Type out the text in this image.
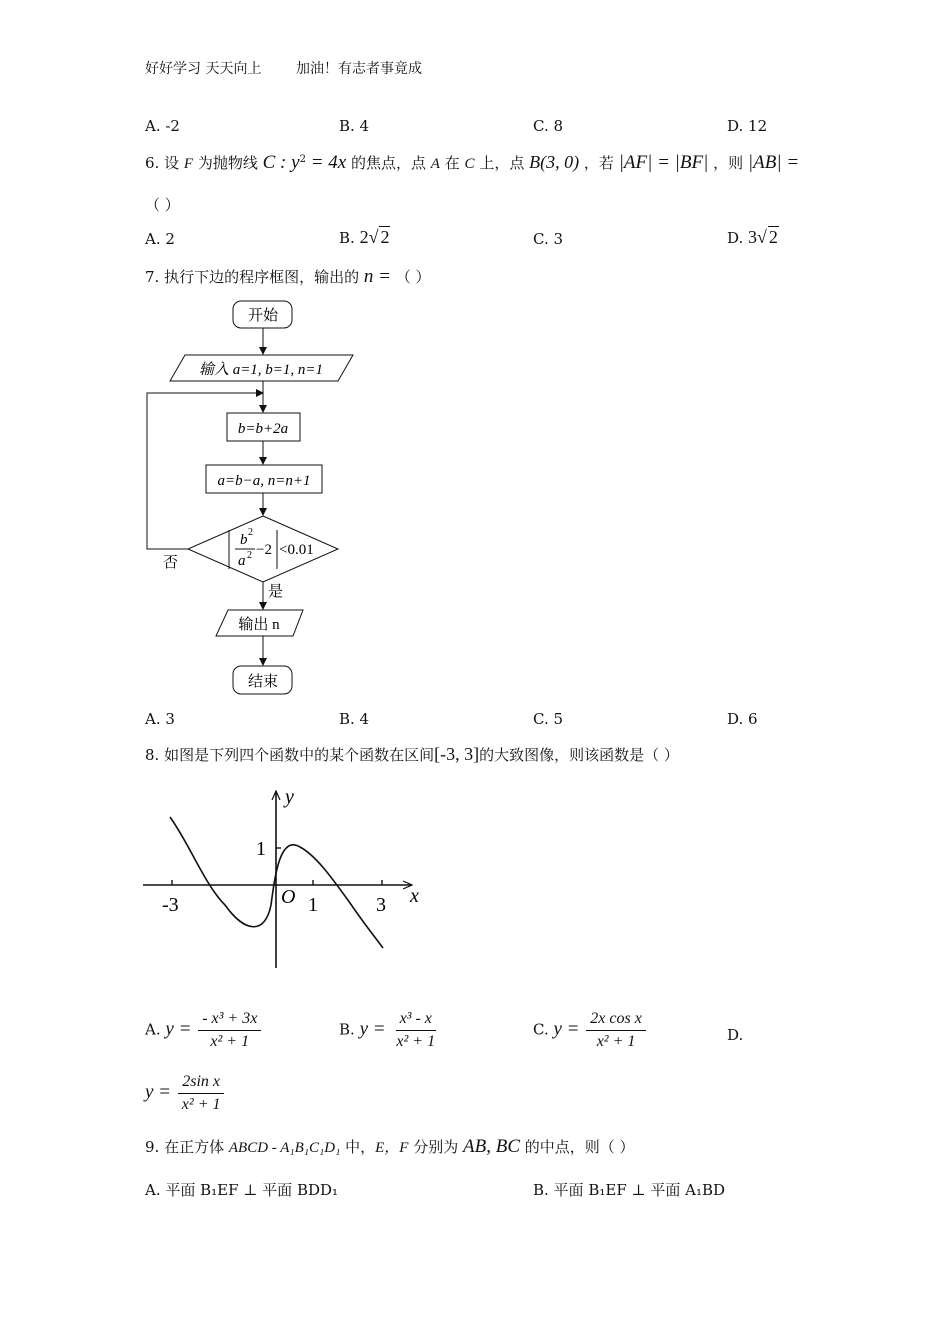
好好学习 天天向上 加油！有志者事竟成
A. -2	B. 4	C. 8	D. 12
6. 设 F 为抛物线 C : $y^2 = 4x$ 的焦点，点 A 在 C 上，点 B(3, 0) ，若 |AF| = |BF| ，则 |AB| =
（ ）
A. 2	B. 2√ 2	C. 3	D. 3√ 2
7. 执行下边的程序框图，输出的 n = （ ）
开始
输入 a=1, b=1, n=1
b=b+2a
a=b−a, n=n+1
b 2
a 2 −2 <0.01
否
是
输出 n
结束
A. 3	B. 4	C. 5	D. 6
8. 如图是下列四个函数中的某个函数在区间[-3, 3]的大致图像，则该函数是（ ）
y
x
O
1
1	3
-3
A. $y = \frac{\text{- x³ + 3x}}{\text{x² + 1}}$	B. $y = \frac{\text{x³ - x}}{\text{x² + 1}}$	C. $y = \frac{\text{2x cos x}}{\text{x² + 1}}$	D.
$y = \frac{\text{2sin x}}{\text{x² + 1}}$
9. 在正方体 ABCD - A₁B₁C₁D₁ 中，E，F 分别为 AB, BC 的中点，则（ ）
A. 平面 B₁EF ⊥ 平面 BDD₁	B. 平面 B₁EF ⊥ 平面 A₁BD
